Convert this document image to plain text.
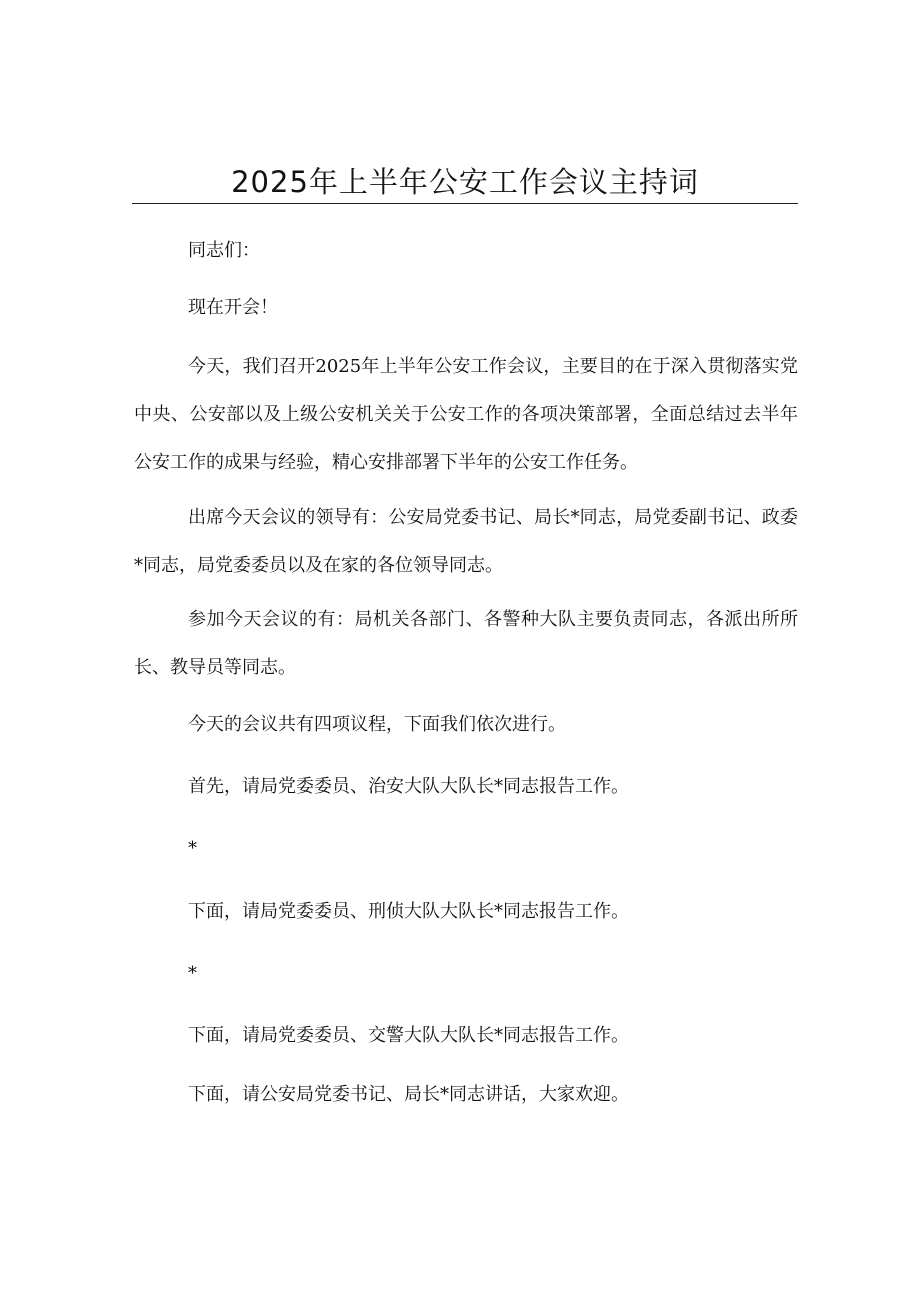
2025年上半年公安工作会议主持词

同志们：

现在开会！

今天，我们召开2025年上半年公安工作会议，主要目的在于深入贯彻落实党中央、公安部以及上级公安机关关于公安工作的各项决策部署，全面总结过去半年公安工作的成果与经验，精心安排部署下半年的公安工作任务。

出席今天会议的领导有：公安局党委书记、局长*同志，局党委副书记、政委*同志，局党委委员以及在家的各位领导同志。

参加今天会议的有：局机关各部门、各警种大队主要负责同志，各派出所所长、教导员等同志。

今天的会议共有四项议程，下面我们依次进行。

首先，请局党委委员、治安大队大队长*同志报告工作。

*

下面，请局党委委员、刑侦大队大队长*同志报告工作。

*

下面，请局党委委员、交警大队大队长*同志报告工作。

下面，请公安局党委书记、局长*同志讲话，大家欢迎。
